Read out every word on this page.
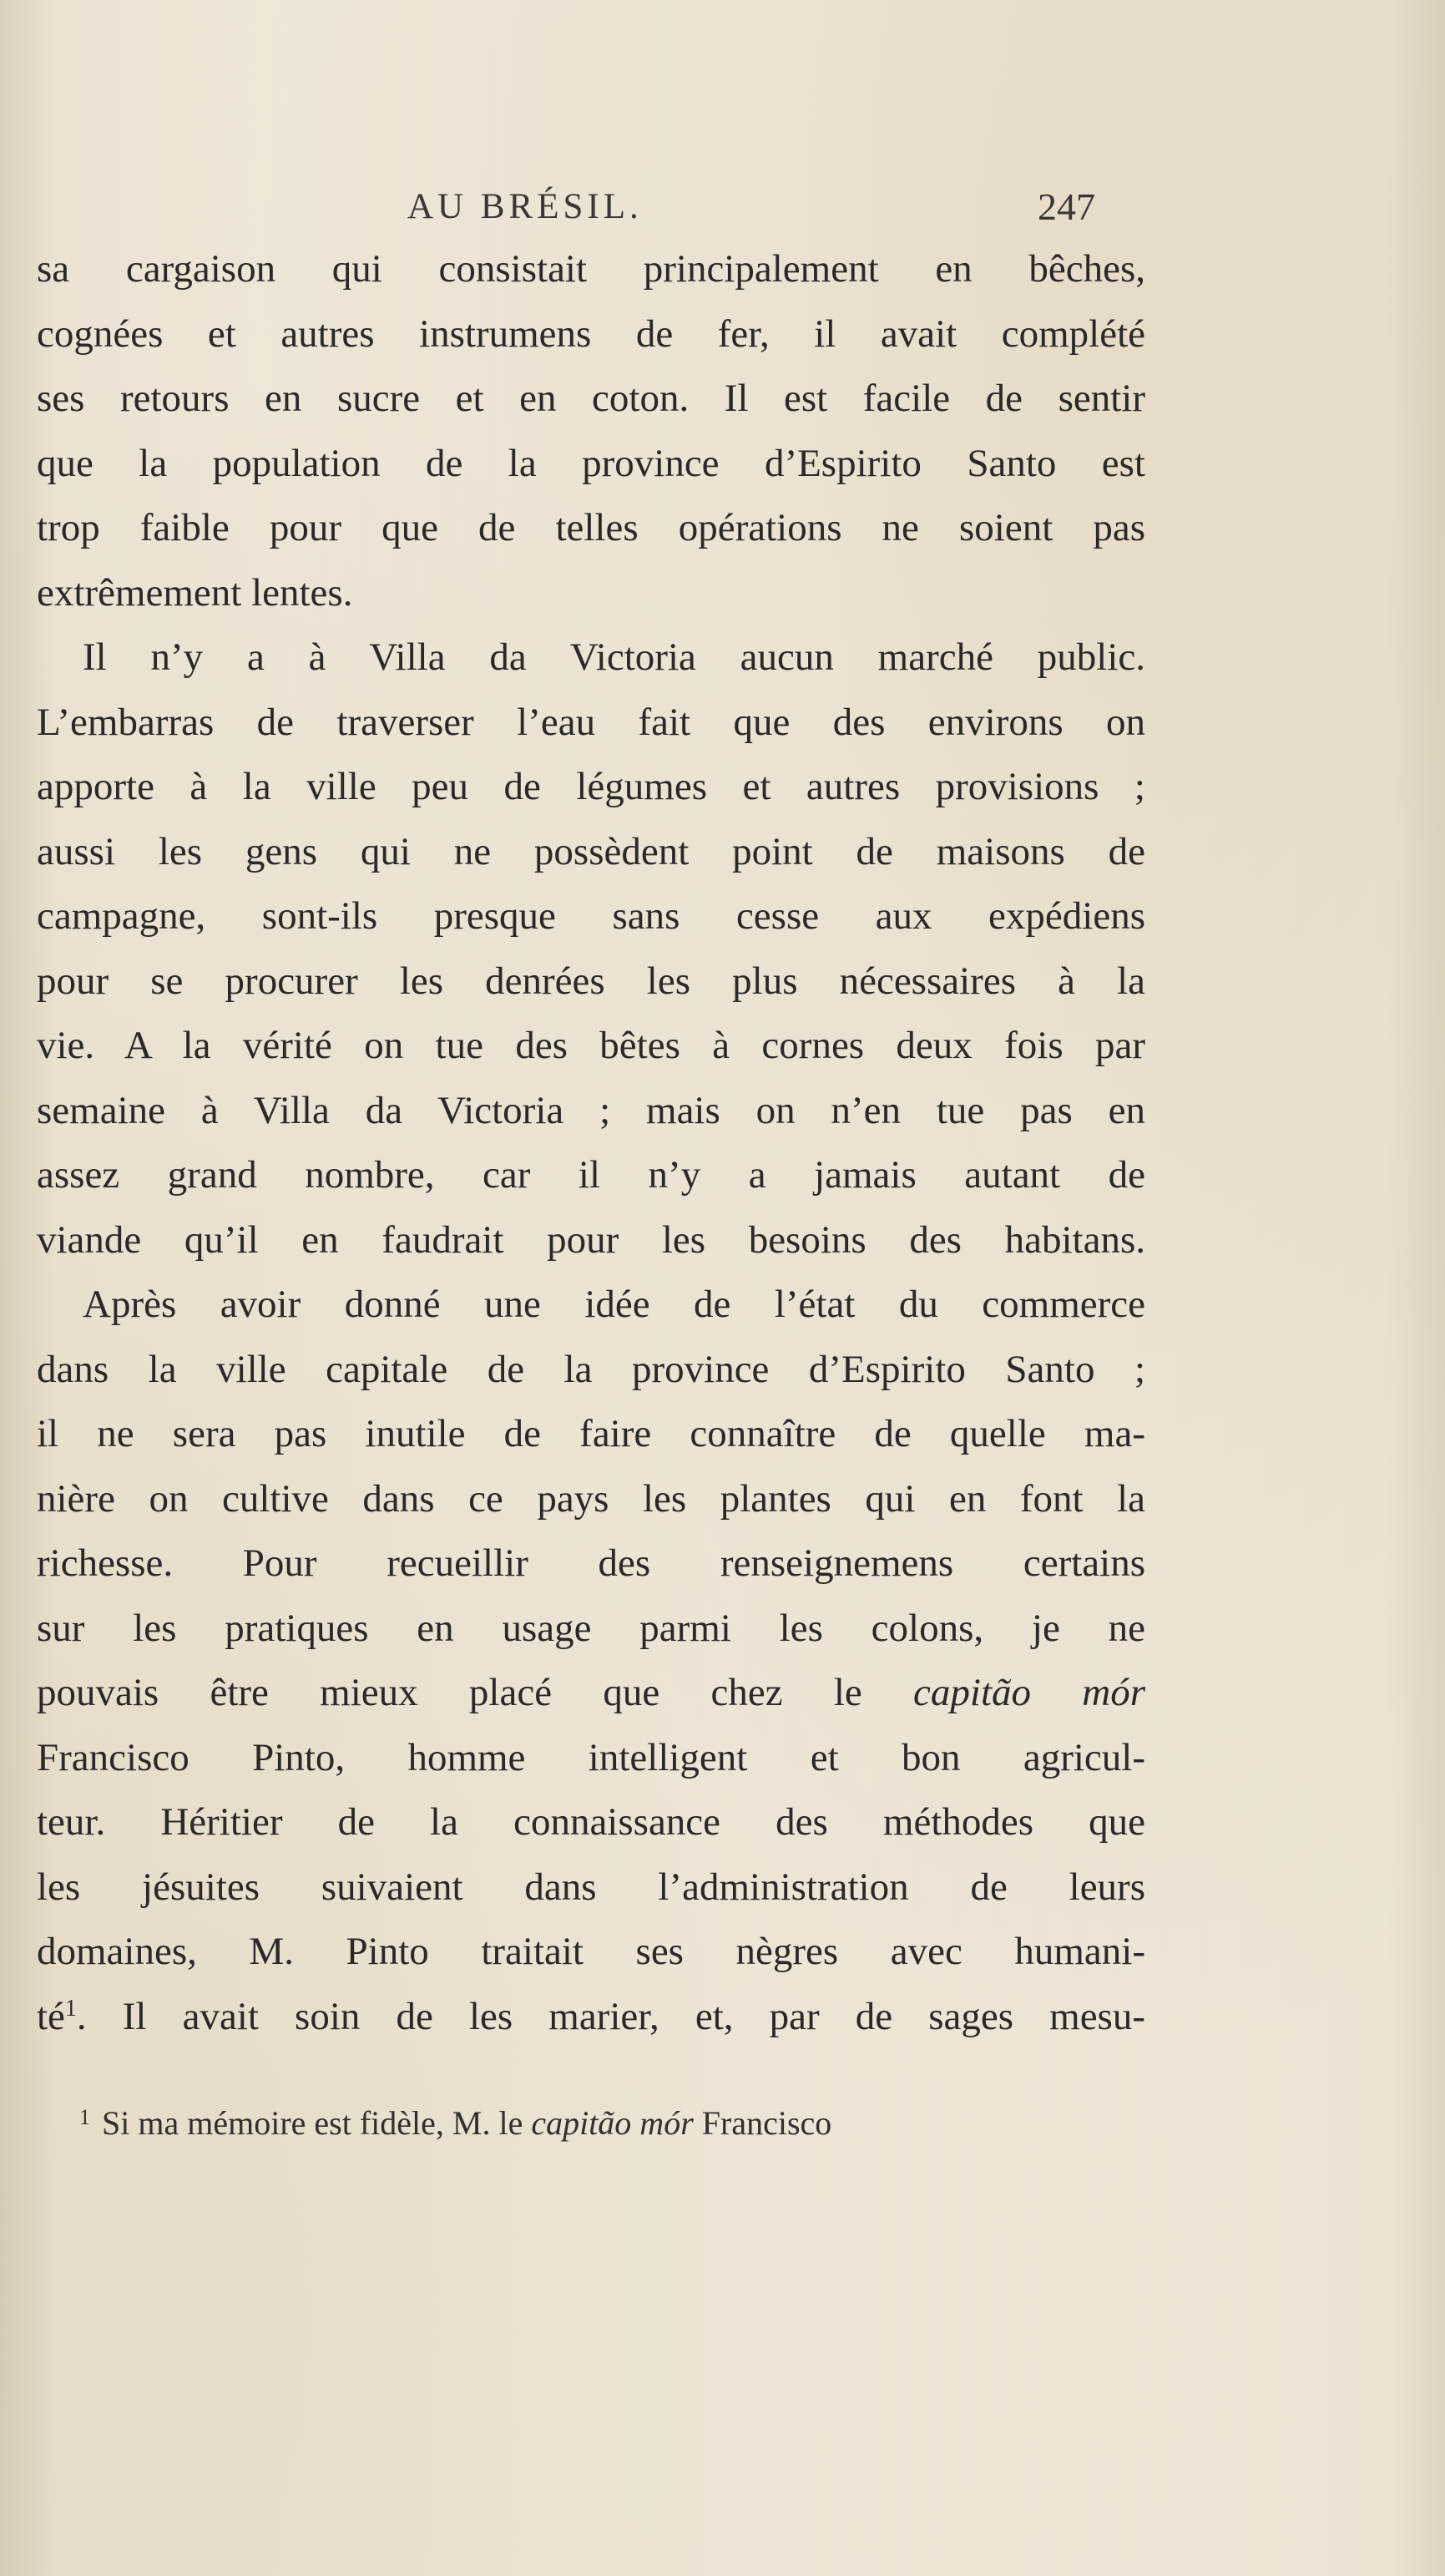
AU BRÉSIL.	247
sa cargaison qui consistait principalement en bêches,
cognées et autres instrumens de fer, il avait complété
ses retours en sucre et en coton. Il est facile de sentir
que la population de la province d’Espirito Santo est
trop faible pour que de telles opérations ne soient pas
extrêmement lentes.
Il n’y a à Villa da Victoria aucun marché public.
L’embarras de traverser l’eau fait que des environs on
apporte à la ville peu de légumes et autres provisions ;
aussi les gens qui ne possèdent point de maisons de
campagne, sont-ils presque sans cesse aux expédiens
pour se procurer les denrées les plus nécessaires à la
vie. A la vérité on tue des bêtes à cornes deux fois par
semaine à Villa da Victoria ; mais on n’en tue pas en
assez grand nombre, car il n’y a jamais autant de
viande qu’il en faudrait pour les besoins des habitans.
Après avoir donné une idée de l’état du commerce
dans la ville capitale de la province d’Espirito Santo ;
il ne sera pas inutile de faire connaître de quelle ma-
nière on cultive dans ce pays les plantes qui en font la
richesse. Pour recueillir des renseignemens certains
sur les pratiques en usage parmi les colons, je ne
pouvais être mieux placé que chez le capitão mór
Francisco Pinto, homme intelligent et bon agricul-
teur. Héritier de la connaissance des méthodes que
les jésuites suivaient dans l’administration de leurs
domaines, M. Pinto traitait ses nègres avec humani-
$té^1$. Il avait soin de les marier, et, par de sages mesu-
$^1$ Si ma mémoire est fidèle, M. le capitão mór Francisco
